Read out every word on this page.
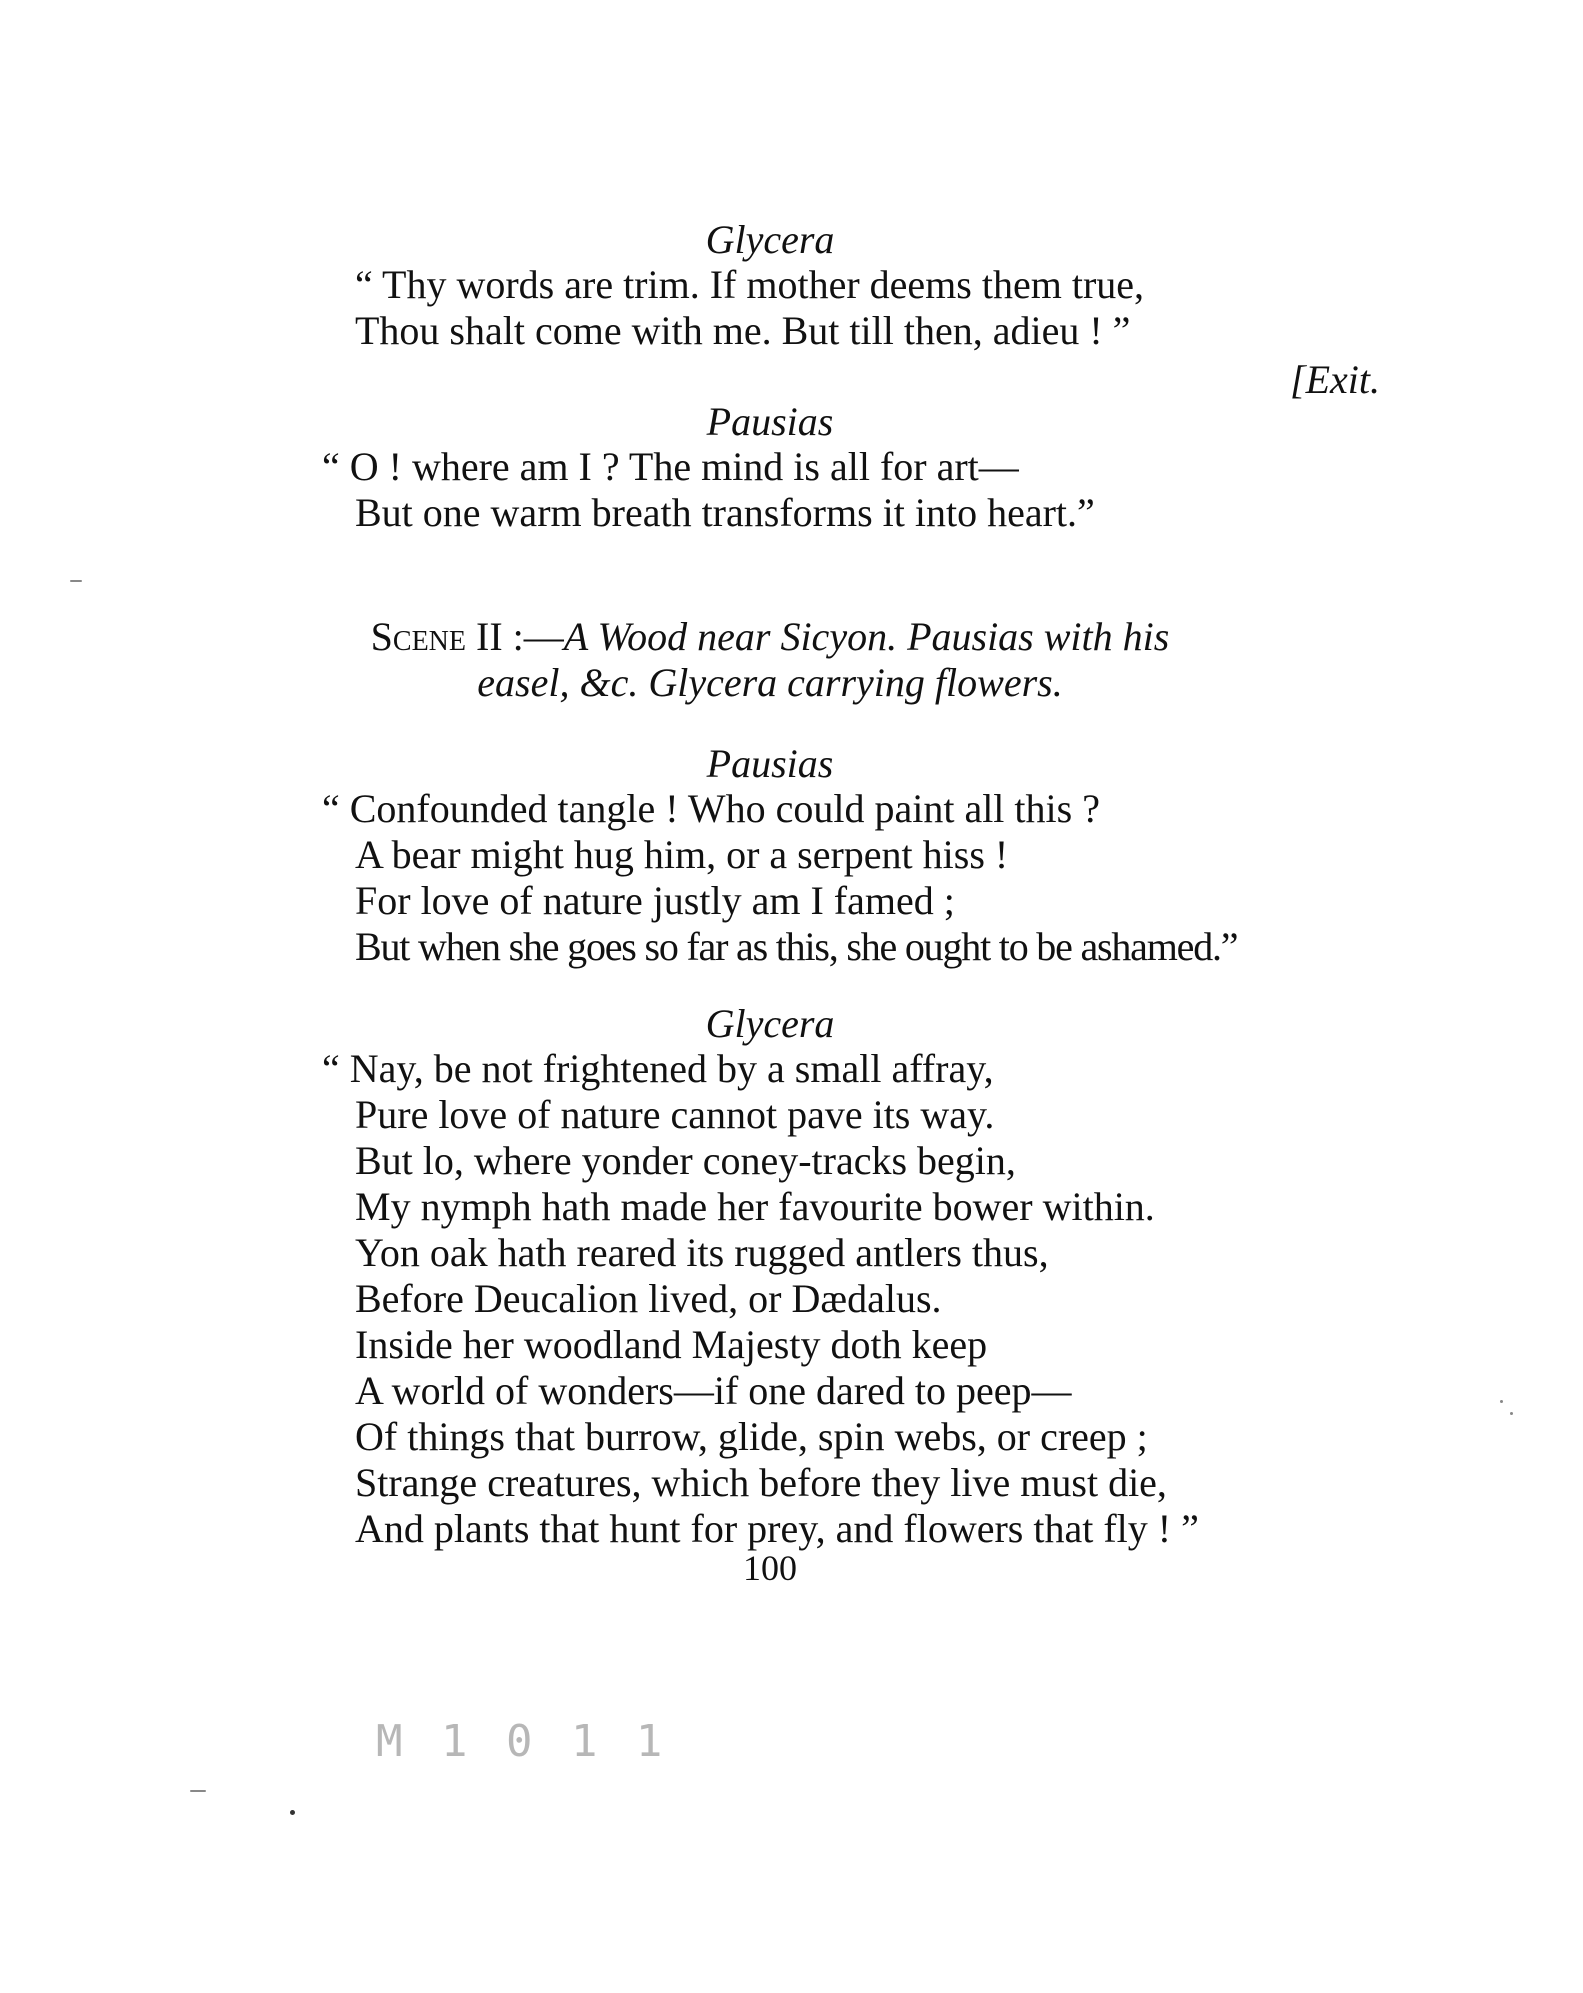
Glycera
“ Thy words are trim. If mother deems them true,
Thou shalt come with me. But till then, adieu ! ”
[Exit.
Pausias
“ O ! where am I ? The mind is all for art—
But one warm breath transforms it into heart.”
Scene II :—A Wood near Sicyon. Pausias with his
easel, &c. Glycera carrying flowers.
Pausias
“ Confounded tangle ! Who could paint all this ?
A bear might hug him, or a serpent hiss !
For love of nature justly am I famed ;
But when she goes so far as this, she ought to be ashamed.”
Glycera
“ Nay, be not frightened by a small affray,
Pure love of nature cannot pave its way.
But lo, where yonder coney-tracks begin,
My nymph hath made her favourite bower within.
Yon oak hath reared its rugged antlers thus,
Before Deucalion lived, or Dædalus.
Inside her woodland Majesty doth keep
A world of wonders—if one dared to peep—
Of things that burrow, glide, spin webs, or creep ;
Strange creatures, which before they live must die,
And plants that hunt for prey, and flowers that fly ! ”
100
M 1 0 1 1
